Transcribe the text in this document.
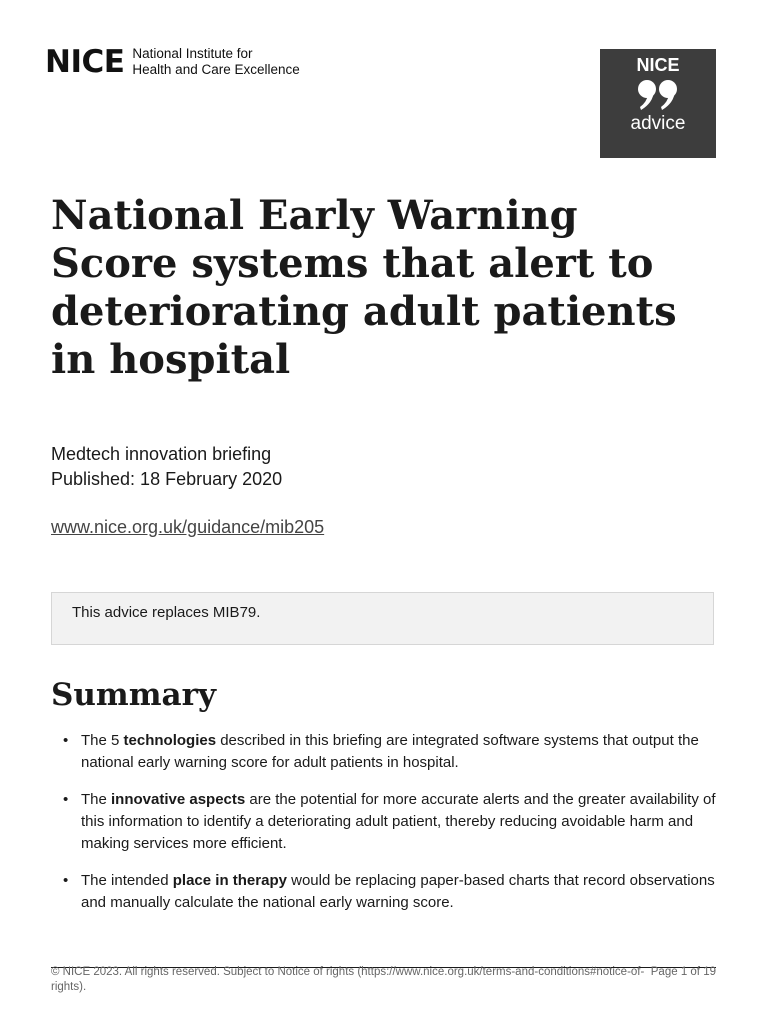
NICE National Institute for
Health and Care Excellence	NICE
advice
National Early Warning Score systems that alert to deteriorating adult patients in hospital
Medtech innovation briefing
Published: 18 February 2020
www.nice.org.uk/guidance/mib205
This advice replaces MIB79.
Summary
• The 5 technologies described in this briefing are integrated software systems that output the national early warning score for adult patients in hospital.
• The innovative aspects are the potential for more accurate alerts and the greater availability of this information to identify a deteriorating adult patient, thereby reducing avoidable harm and making services more efficient.
• The intended place in therapy would be replacing paper-based charts that record observations and manually calculate the national early warning score.
© NICE 2023. All rights reserved. Subject to Notice of rights (https://www.nice.org.uk/terms-and-conditions#notice-of-rights).
Page 1 of 19
